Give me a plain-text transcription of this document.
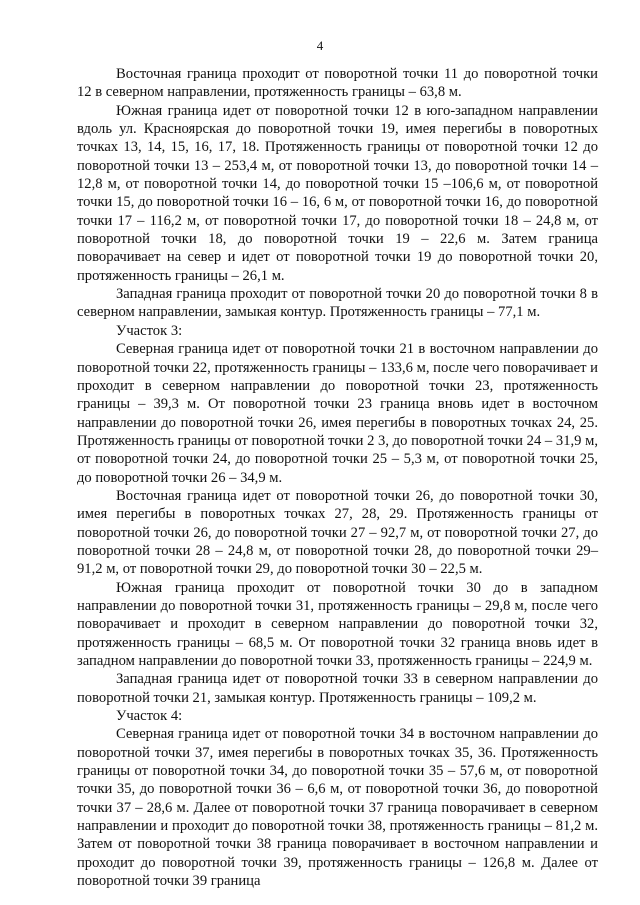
4

Восточная граница проходит от поворотной точки 11 до поворотной точки 12 в северном направлении, протяженность границы – 63,8 м.

Южная граница идет от поворотной точки 12 в юго-западном направлении вдоль ул. Красноярская до поворотной точки 19, имея перегибы в поворотных точках 13, 14, 15, 16, 17, 18. Протяженность границы от поворотной точки 12 до поворотной точки 13 – 253,4 м, от поворотной точки 13, до поворотной точки 14 – 12,8 м, от поворотной точки 14, до поворотной точки 15 –106,6 м, от поворотной точки 15, до поворотной точки 16 – 16, 6 м, от поворотной точки 16, до поворотной точки 17 – 116,2 м, от поворотной точки 17, до поворотной точки 18 – 24,8 м, от поворотной точки 18, до поворотной точки 19 – 22,6 м. Затем граница поворачивает на север и идет от поворотной точки 19 до поворотной точки 20, протяженность границы – 26,1 м.

Западная граница проходит от поворотной точки 20 до поворотной точки 8 в северном направлении, замыкая контур. Протяженность границы – 77,1 м.

Участок 3:

Северная граница идет от поворотной точки 21 в восточном направлении до поворотной точки 22, протяженность границы – 133,6 м, после чего поворачивает и проходит в северном направлении до поворотной точки 23, протяженность границы – 39,3 м. От поворотной точки 23 граница вновь идет в восточном направлении до поворотной точки 26, имея перегибы в поворотных точках 24, 25. Протяженность границы от поворотной точки 2 3, до поворотной точки 24 – 31,9 м, от поворотной точки 24, до поворотной точки 25 – 5,3 м, от поворотной точки 25, до поворотной точки 26 – 34,9 м.

Восточная граница идет от поворотной точки 26, до поворотной точки 30, имея перегибы в поворотных точках 27, 28, 29. Протяженность границы от поворотной точки 26, до поворотной точки 27 – 92,7 м, от поворотной точки 27, до поворотной точки 28 – 24,8 м, от поворотной точки 28, до поворотной точки 29– 91,2 м, от поворотной точки 29, до поворотной точки 30 – 22,5 м.

Южная граница проходит от поворотной точки 30 до в западном направлении до поворотной точки 31, протяженность границы – 29,8 м, после чего поворачивает и проходит в северном направлении до поворотной точки 32, протяженность границы – 68,5 м. От поворотной точки 32 граница вновь идет в западном направлении до поворотной точки 33, протяженность границы – 224,9 м.

Западная граница идет от поворотной точки 33 в северном направлении до поворотной точки 21, замыкая контур. Протяженность границы – 109,2 м.

Участок 4:

Северная граница идет от поворотной точки 34 в восточном направлении до поворотной точки 37, имея перегибы в поворотных точках 35, 36. Протяженность границы от поворотной точки 34, до поворотной точки 35 – 57,6 м, от поворотной точки 35, до поворотной точки 36 – 6,6 м, от поворотной точки 36, до поворотной точки 37 – 28,6 м. Далее от поворотной точки 37 граница поворачивает в северном направлении и проходит до поворотной точки 38, протяженность границы – 81,2 м. Затем от поворотной точки 38 граница поворачивает в восточном направлении и проходит до поворотной точки 39, протяженность границы – 126,8 м. Далее от поворотной точки 39 граница
